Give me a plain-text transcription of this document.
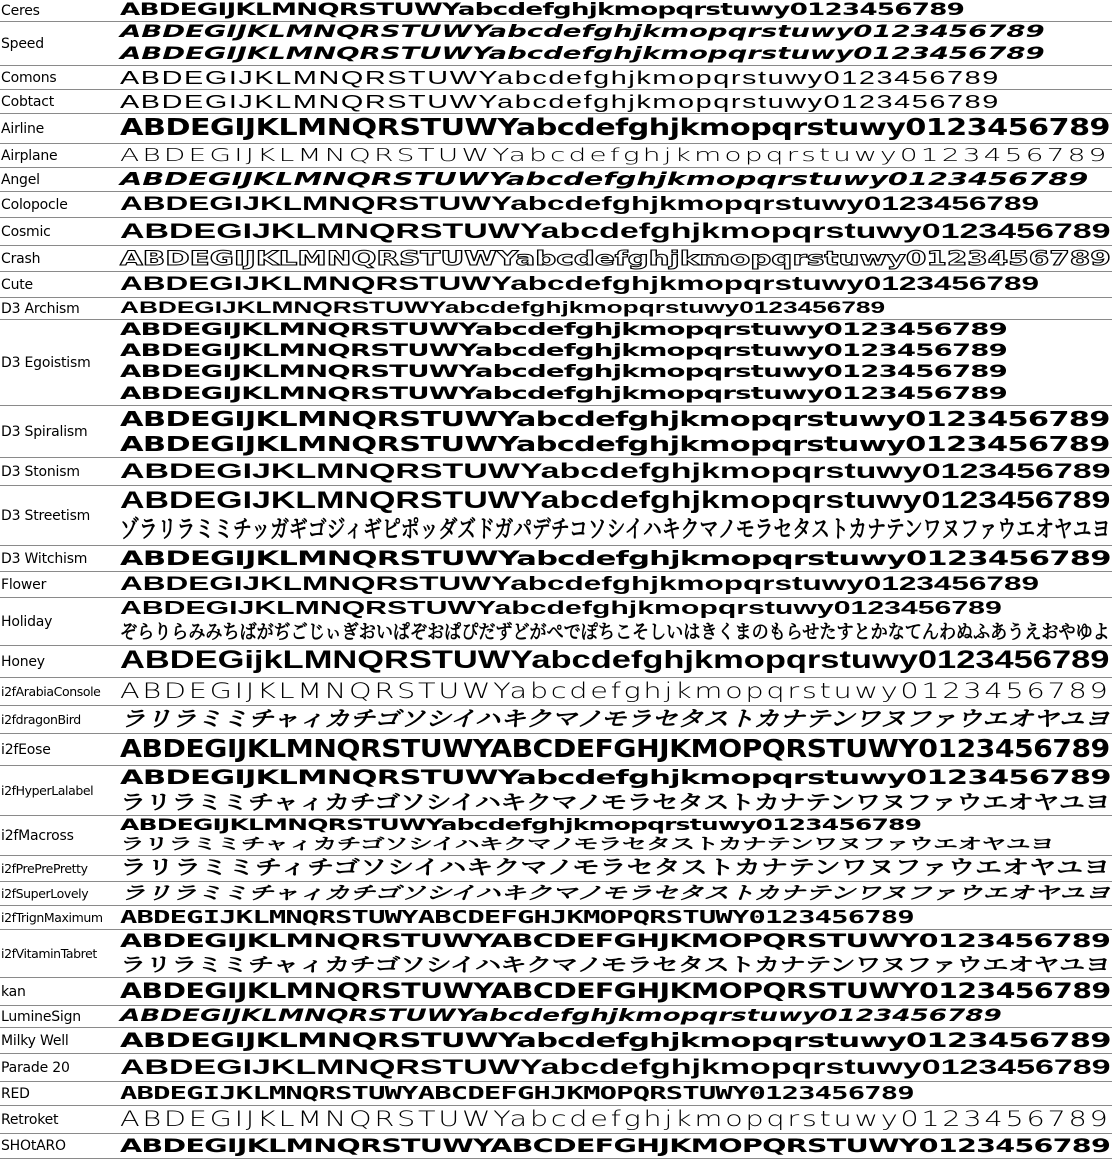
Ceres	ABDEGIJKLMNQRSTUWYabcdefghjkmopqrstuwy0123456789
Speed
ABDEGIJKLMNQRSTUWYabcdefghjkmopqrstuwy0123456789
ABDEGIJKLMNQRSTUWYabcdefghjkmopqrstuwy0123456789
Comons	ABDEGIJKLMNQRSTUWYabcdefghjkmopqrstuwy0123456789
Cobtact	ABDEGIJKLMNQRSTUWYabcdefghjkmopqrstuwy0123456789
Airline	ABDEGIJKLMNQRSTUWYabcdefghjkmopqrstuwy0123456789
Airplane	ABDEGIJKLMNQRSTUWYabcdefghjkmopqrstuwy0123456789
Angel	ABDEGIJKLMNQRSTUWYabcdefghjkmopqrstuwy0123456789
Colopocle	ABDEGIJKLMNQRSTUWYabcdefghjkmopqrstuwy0123456789
Cosmic	ABDEGIJKLMNQRSTUWYabcdefghjkmopqrstuwy0123456789
Crash	ABDEGIJKLMNQRSTUWYabcdefghjkmopqrstuwy0123456789
Cute	ABDEGIJKLMNQRSTUWYabcdefghjkmopqrstuwy0123456789
D3 Archism	ABDEGIJKLMNQRSTUWYabcdefghjkmopqrstuwy0123456789
D3 Egoistism
ABDEGIJKLMNQRSTUWYabcdefghjkmopqrstuwy0123456789
ABDEGIJKLMNQRSTUWYabcdefghjkmopqrstuwy0123456789
ABDEGIJKLMNQRSTUWYabcdefghjkmopqrstuwy0123456789
ABDEGIJKLMNQRSTUWYabcdefghjkmopqrstuwy0123456789
D3 Spiralism
ABDEGIJKLMNQRSTUWYabcdefghjkmopqrstuwy0123456789
ABDEGIJKLMNQRSTUWYabcdefghjkmopqrstuwy0123456789
D3 Stonism	ABDEGIJKLMNQRSTUWYabcdefghjkmopqrstuwy0123456789
D3 Streetism
ABDEGIJKLMNQRSTUWYabcdefghjkmopqrstuwy0123456789
ゾラリラミミチッガギゴジィギピポッダズドガパデチコソシイハキクマノモラセタストカナテンワヌファウエオヤユヨ
D3 Witchism	ABDEGIJKLMNQRSTUWYabcdefghjkmopqrstuwy0123456789
Flower	ABDEGIJKLMNQRSTUWYabcdefghjkmopqrstuwy0123456789
Holiday
ABDEGIJKLMNQRSTUWYabcdefghjkmopqrstuwy0123456789
ぞらりらみみちばがぢごじぃぎおいぱぞおぱぴだずどがぺでぽちこそしいはきくまのもらせたすとかなてんわぬふあうえおやゆよ
Honey	ABDEGijkLMNQRSTUWYabcdefghjkmopqrstuwy0123456789
i2fArabiaConsole ABDEGIJKLMNQRSTUWYabcdefghjkmopqrstuwy0123456789
i2fdragonBird	ラリラミミチャィカチゴソシイハキクマノモラセタストカナテンワヌファウエオヤユヨ
i2fEose	ABDEGIJKLMNQRSTUWYABCDEFGHJKMOPQRSTUWY0123456789
i2fHyperLalabel
ABDEGIJKLMNQRSTUWYabcdefghjkmopqrstuwy0123456789
ラリラミミチャィカチゴソシイハキクマノモラセタストカナテンワヌファウエオヤユヨ
i2fMacross
ABDEGIJKLMNQRSTUWYabcdefghjkmopqrstuwy0123456789
ラリラミミチャィカチゴソシイハキクマノモラセタストカナテンワヌファウエオヤユヨ
i2fPrePrePretty	ラリラミミチィチゴソシイハキクマノモラセタストカナテンワヌファウエオヤユヨ
i2fSuperLovely	ラリラミミチャィカチゴソシイハキクマノモラセタストカナテンワヌファウエオヤユヨ
i2fTrignMaximum ABDEGIJKLMNQRSTUWYABCDEFGHJKMOPQRSTUWY0123456789
i2fVitaminTabret
ABDEGIJKLMNQRSTUWYABCDEFGHJKMOPQRSTUWY0123456789
ラリラミミチャィカチゴソシイハキクマノモラセタストカナテンワヌファウエオヤユヨ
kan	ABDEGIJKLMNQRSTUWYABCDEFGHJKMOPQRSTUWY0123456789
LumineSign	ABDEGIJKLMNQRSTUWYabcdefghjkmopqrstuwy0123456789
Milky Well	ABDEGIJKLMNQRSTUWYabcdefghjkmopqrstuwy0123456789
Parade 20	ABDEGIJKLMNQRSTUWYabcdefghjkmopqrstuwy0123456789
RED	ABDEGIJKLMNQRSTUWYABCDEFGHJKMOPQRSTUWY0123456789
Retroket	ABDEGIJKLMNQRSTUWYabcdefghjkmopqrstuwy0123456789
SHOtARO	ABDEGIJKLMNQRSTUWYABCDEFGHJKMOPQRSTUWY0123456789
